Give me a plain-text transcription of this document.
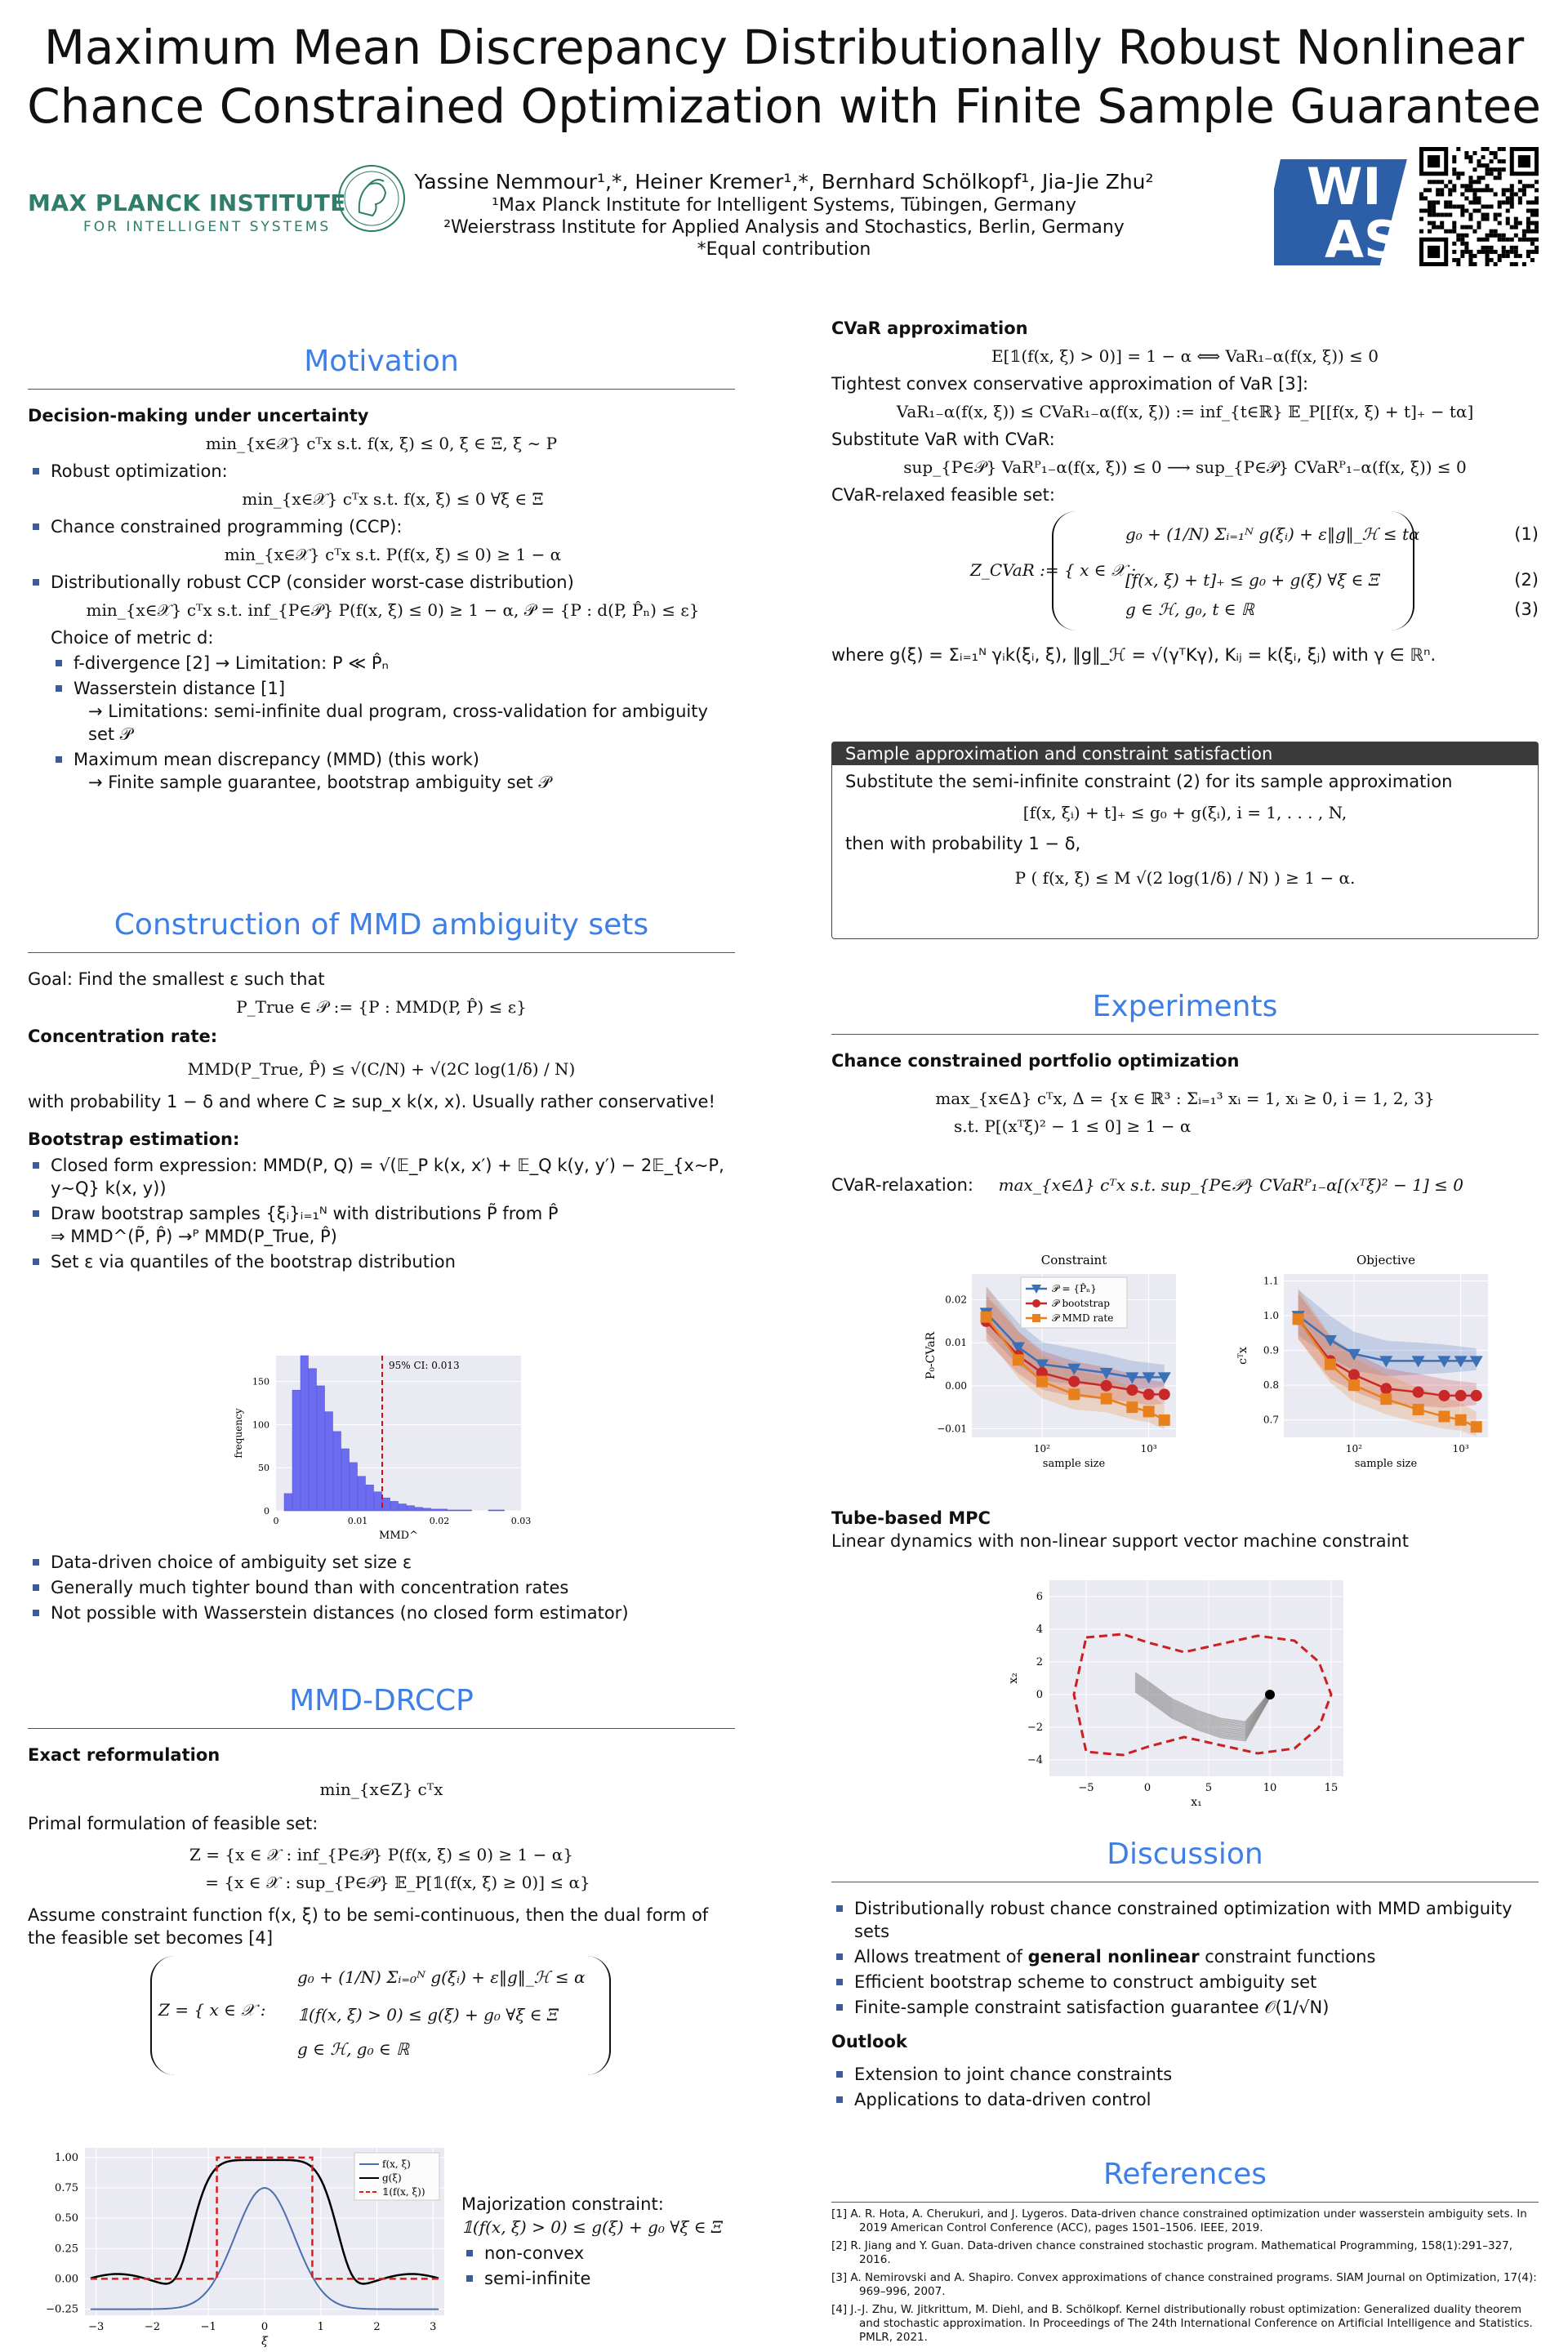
Maximum Mean Discrepancy Distributionally Robust Nonlinear
Chance Constrained Optimization with Finite Sample Guarantee
MAX PLANCK INSTITUTE
FOR INTELLIGENT SYSTEMS
Yassine Nemmour¹,*, Heiner Kremer¹,*, Bernhard Schölkopf¹, Jia-Jie Zhu²
¹Max Planck Institute for Intelligent Systems, Tübingen, Germany
²Weierstrass Institute for Applied Analysis and Stochastics, Berlin, Germany
*Equal contribution
WI
AS
Motivation
Decision-making under uncertainty
min_{x∈𝒳} cᵀx s.t. f(x, ξ) ≤ 0, ξ ∈ Ξ, ξ ∼ P
Robust optimization:
min_{x∈𝒳} cᵀx s.t. f(x, ξ) ≤ 0 ∀ξ ∈ Ξ
Chance constrained programming (CCP):
min_{x∈𝒳} cᵀx s.t. P(f(x, ξ) ≤ 0) ≥ 1 − α
Distributionally robust CCP (consider worst-case distribution)
min_{x∈𝒳} cᵀx s.t. inf_{P∈𝒫} P(f(x, ξ) ≤ 0) ≥ 1 − α, 𝒫 = {P : d(P, P̂ₙ) ≤ ε}
Choice of metric d:
f-divergence [2] → Limitation: P ≪ P̂ₙ
Wasserstein distance [1]
→ Limitations: semi-infinite dual program, cross-validation for ambiguity set 𝒫
Maximum mean discrepancy (MMD) (this work)
→ Finite sample guarantee, bootstrap ambiguity set 𝒫
Construction of MMD ambiguity sets
Goal: Find the smallest ε such that
P_True ∈ 𝒫 := {P : MMD(P, P̂) ≤ ε}
Concentration rate:
MMD(P_True, P̂) ≤ √(C/N) + √(2C log(1/δ) / N)
with probability 1 − δ and where C ≥ sup_x k(x, x). Usually rather conservative!
Bootstrap estimation:
Closed form expression: MMD(P, Q) = √(𝔼_P k(x, x′) + 𝔼_Q k(y, y′) − 2𝔼_{x∼P, y∼Q} k(x, y))
Draw bootstrap samples {ξᵢ}ᵢ₌₁ᴺ with distributions P̃ from P̂
⇒ MMD^(P̃, P̂) →ᴾ MMD(P_True, P̂)
Set ε via quantiles of the bootstrap distribution
95% CI: 0.013
0	0.01	0.02	0.03
0
50
100
150
MMD^
frequency
Data-driven choice of ambiguity set size ε
Generally much tighter bound than with concentration rates
Not possible with Wasserstein distances (no closed form estimator)
MMD-DRCCP
Exact reformulation
min_{x∈Z} cᵀx
Primal formulation of feasible set:
Z = {x ∈ 𝒳 : inf_{P∈𝒫} P(f(x, ξ) ≤ 0) ≥ 1 − α}
= {x ∈ 𝒳 : sup_{P∈𝒫} 𝔼_P[𝟙(f(x, ξ) ≥ 0)] ≤ α}
Assume constraint function f(x, ξ) to be semi-continuous, then the dual form of the feasible set becomes [4]
Z = { x ∈ 𝒳 :
g₀ + (1/N) Σᵢ₌₀ᴺ g(ξᵢ) + ε‖g‖_ℋ ≤ α
𝟙(f(x, ξ) > 0) ≤ g(ξ) + g₀ ∀ξ ∈ Ξ
g ∈ ℋ, g₀ ∈ ℝ
−3	−2	−1	0	1	2	3
−0.25
0.00
0.25
0.50
0.75
1.00
f(x, ξ)
g(ξ)
𝟙(f(x, ξ))
ξ
Majorization constraint:
𝟙(f(x, ξ) > 0) ≤ g(ξ) + g₀ ∀ξ ∈ Ξ
non-convex
semi-infinite
CVaR approximation
E[𝟙(f(x, ξ) > 0)] = 1 − α ⟺ VaR₁₋α(f(x, ξ)) ≤ 0
Tightest convex conservative approximation of VaR [3]:
VaR₁₋α(f(x, ξ)) ≤ CVaR₁₋α(f(x, ξ)) := inf_{t∈ℝ} 𝔼_P[[f(x, ξ) + t]₊ − tα]
Substitute VaR with CVaR:
sup_{P∈𝒫} VaRᴾ₁₋α(f(x, ξ)) ≤ 0 ⟶ sup_{P∈𝒫} CVaRᴾ₁₋α(f(x, ξ)) ≤ 0
CVaR-relaxed feasible set:
Z_CVaR := { x ∈ 𝒳 :
g₀ + (1/N) Σᵢ₌₁ᴺ g(ξᵢ) + ε‖g‖_ℋ ≤ tα
[f(x, ξ) + t]₊ ≤ g₀ + g(ξ) ∀ξ ∈ Ξ
g ∈ ℋ, g₀, t ∈ ℝ
(1)
(2)
(3)
where g(ξ) = Σᵢ₌₁ᴺ γᵢk(ξᵢ, ξ), ‖g‖_ℋ = √(γᵀKγ), Kᵢⱼ = k(ξᵢ, ξⱼ) with γ ∈ ℝⁿ.
Sample approximation and constraint satisfaction
Substitute the semi-infinite constraint (2) for its sample approximation
[f(x, ξᵢ) + t]₊ ≤ g₀ + g(ξᵢ), i = 1, . . . , N,
then with probability 1 − δ,
P ( f(x, ξ) ≤ M √(2 log(1/δ) / N) ) ≥ 1 − α.
Experiments
Chance constrained portfolio optimization
max_{x∈Δ} cᵀx, Δ = {x ∈ ℝ³ : Σᵢ₌₁³ xᵢ = 1, xᵢ ≥ 0, i = 1, 2, 3}
s.t. P[(xᵀξ)² − 1 ≤ 0] ≥ 1 − α
CVaR-relaxation: max_{x∈Δ} cᵀx s.t. sup_{P∈𝒫} CVaRᴾ₁₋α[(xᵀξ)² − 1] ≤ 0
Constraint
−0.01
0.00
0.01
0.02
10²	10³
sample size
P₀-CVaR
𝒫 = {P̂ₙ}
𝒫 bootstrap
𝒫 MMD rate
Objective
0.7
0.8
0.9
1.0
1.1
10²	10³
sample size
cᵀx
Tube-based MPC
Linear dynamics with non-linear support vector machine constraint
−5	0	5	10	15
−4
−2
0
2
4
6
x₁
x₂
Discussion
Distributionally robust chance constrained optimization with MMD ambiguity sets
Allows treatment of general nonlinear constraint functions
Efficient bootstrap scheme to construct ambiguity set
Finite-sample constraint satisfaction guarantee 𝒪(1/√N)
Outlook
Extension to joint chance constraints
Applications to data-driven control
References
[1] A. R. Hota, A. Cherukuri, and J. Lygeros. Data-driven chance constrained optimization under wasserstein ambiguity sets. In 2019 American Control Conference (ACC), pages 1501–1506. IEEE, 2019.
[2] R. Jiang and Y. Guan. Data-driven chance constrained stochastic program. Mathematical Programming, 158(1):291–327, 2016.
[3] A. Nemirovski and A. Shapiro. Convex approximations of chance constrained programs. SIAM Journal on Optimization, 17(4): 969–996, 2007.
[4] J.-J. Zhu, W. Jitkrittum, M. Diehl, and B. Schölkopf. Kernel distributionally robust optimization: Generalized duality theorem and stochastic approximation. In Proceedings of The 24th International Conference on Artificial Intelligence and Statistics. PMLR, 2021.
